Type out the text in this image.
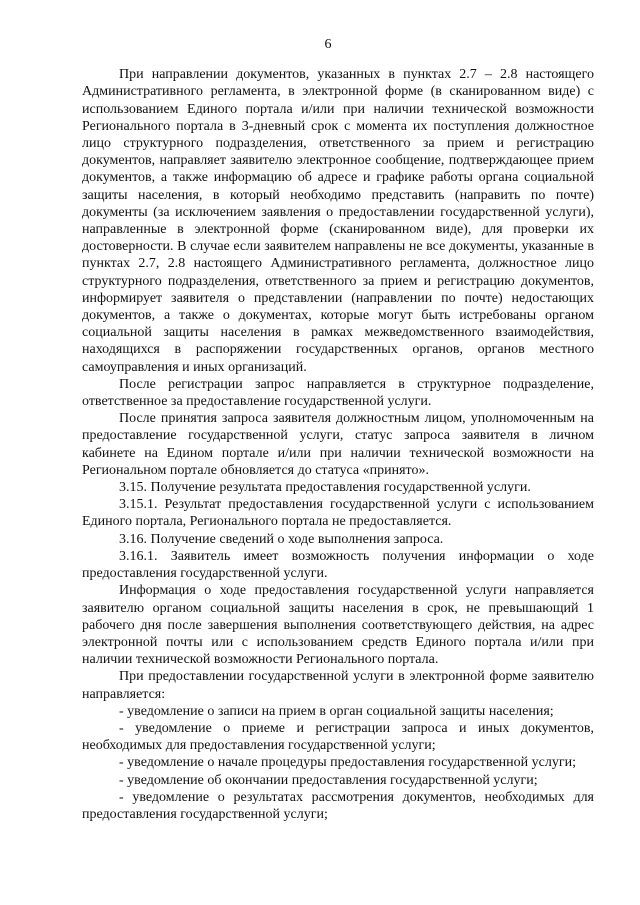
6

При направлении документов, указанных в пунктах 2.7 – 2.8 настоящего Административного регламента, в электронной форме (в сканированном виде) с использованием Единого портала и/или при наличии технической возможности Регионального портала в 3-дневный срок с момента их поступления должностное лицо структурного подразделения, ответственного за прием и регистрацию документов, направляет заявителю электронное сообщение, подтверждающее прием документов, а также информацию об адресе и графике работы органа социальной защиты населения, в который необходимо представить (направить по почте) документы (за исключением заявления о предоставлении государственной услуги), направленные в электронной форме (сканированном виде), для проверки их достоверности. В случае если заявителем направлены не все документы, указанные в пунктах 2.7, 2.8 настоящего Административного регламента, должностное лицо структурного подразделения, ответственного за прием и регистрацию документов, информирует заявителя о представлении (направлении по почте) недостающих документов, а также о документах, которые могут быть истребованы органом социальной защиты населения в рамках межведомственного взаимодействия, находящихся в распоряжении государственных органов, органов местного самоуправления и иных организаций.

После регистрации запрос направляется в структурное подразделение, ответственное за предоставление государственной услуги.

После принятия запроса заявителя должностным лицом, уполномоченным на предоставление государственной услуги, статус запроса заявителя в личном кабинете на Едином портале и/или при наличии технической возможности на Региональном портале обновляется до статуса «принято».

3.15. Получение результата предоставления государственной услуги.

3.15.1. Результат предоставления государственной услуги с использованием Единого портала, Регионального портала не предоставляется.

3.16. Получение сведений о ходе выполнения запроса.

3.16.1. Заявитель имеет возможность получения информации о ходе предоставления государственной услуги.

Информация о ходе предоставления государственной услуги направляется заявителю органом социальной защиты населения в срок, не превышающий 1 рабочего дня после завершения выполнения соответствующего действия, на адрес электронной почты или с использованием средств Единого портала и/или при наличии технической возможности Регионального портала.

При предоставлении государственной услуги в электронной форме заявителю направляется:

- уведомление о записи на прием в орган социальной защиты населения;

- уведомление о приеме и регистрации запроса и иных документов, необходимых для предоставления государственной услуги;

- уведомление о начале процедуры предоставления государственной услуги;

- уведомление об окончании предоставления государственной услуги;

- уведомление о результатах рассмотрения документов, необходимых для предоставления государственной услуги;
